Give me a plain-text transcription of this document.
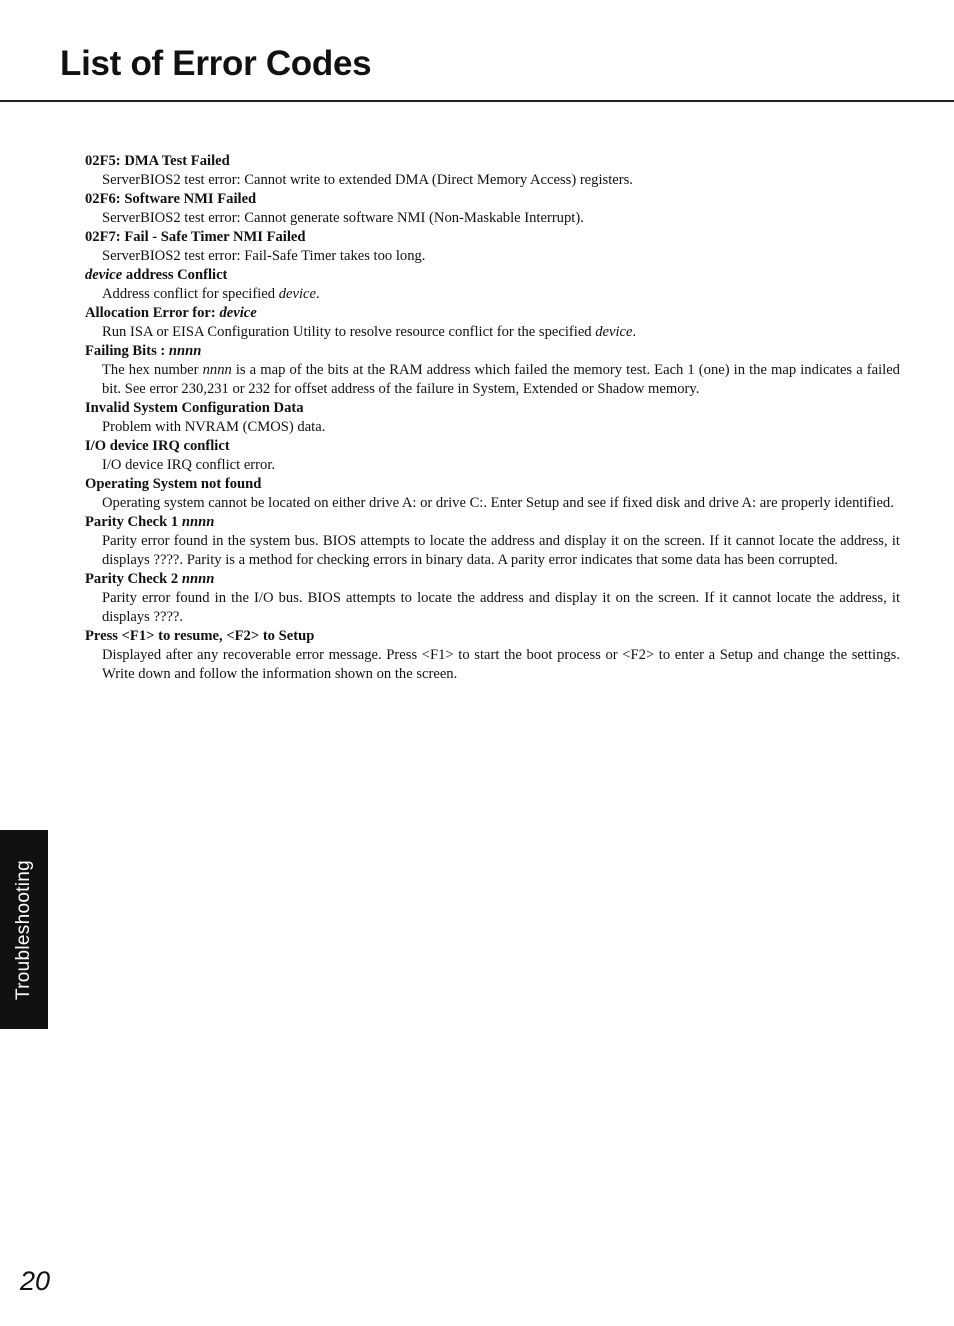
List of Error Codes

02F5: DMA Test Failed

ServerBIOS2 test error: Cannot write to extended DMA (Direct Memory Access) registers.

02F6: Software NMI Failed

ServerBIOS2 test error: Cannot generate software NMI (Non-Maskable Interrupt).

02F7: Fail - Safe Timer NMI Failed

ServerBIOS2 test error: Fail-Safe Timer takes too long.

device address Conflict

Address conflict for specified device.

Allocation Error for: device

Run ISA or EISA Configuration Utility to resolve resource conflict for the specified device.

Failing Bits : nnnn

The hex number nnnn is a map of the bits at the RAM address which failed the memory test. Each 1 (one) in the map indicates a failed bit. See error 230,231 or 232 for offset address of the failure in System, Extended or Shadow memory.

Invalid System Configuration Data

Problem with NVRAM (CMOS) data.

I/O device IRQ conflict

I/O device IRQ conflict error.

Operating System not found

Operating system cannot be located on either drive A: or drive C:. Enter Setup and see if fixed disk and drive A: are properly identified.

Parity Check 1 nnnn

Parity error found in the system bus. BIOS attempts to locate the address and display it on the screen. If it cannot locate the address, it displays ????. Parity is a method for checking errors in binary data. A parity error indicates that some data has been corrupted.

Parity Check 2 nnnn

Parity error found in the I/O bus. BIOS attempts to locate the address and display it on the screen. If it cannot locate the address, it displays ????.

Press <F1> to resume, <F2> to Setup

Displayed after any recoverable error message. Press <F1> to start the boot process or <F2> to enter a Setup and change the settings. Write down and follow the information shown on the screen.

Troubleshooting
20
